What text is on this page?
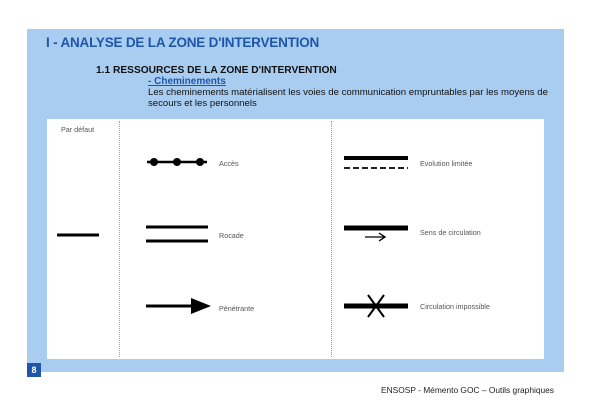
I - ANALYSE DE LA ZONE D'INTERVENTION
1.1 RESSOURCES DE LA ZONE D'INTERVENTION
- Cheminements
Les cheminements matérialisent les voies de communication empruntables par les moyens de secours et les personnels
Par défaut
Accès
Rocade
Pénétrante
Evolution limitée
Sens de circulation
Circulation impossible
8
ENSOSP - Mémento GOC – Outils graphiques
